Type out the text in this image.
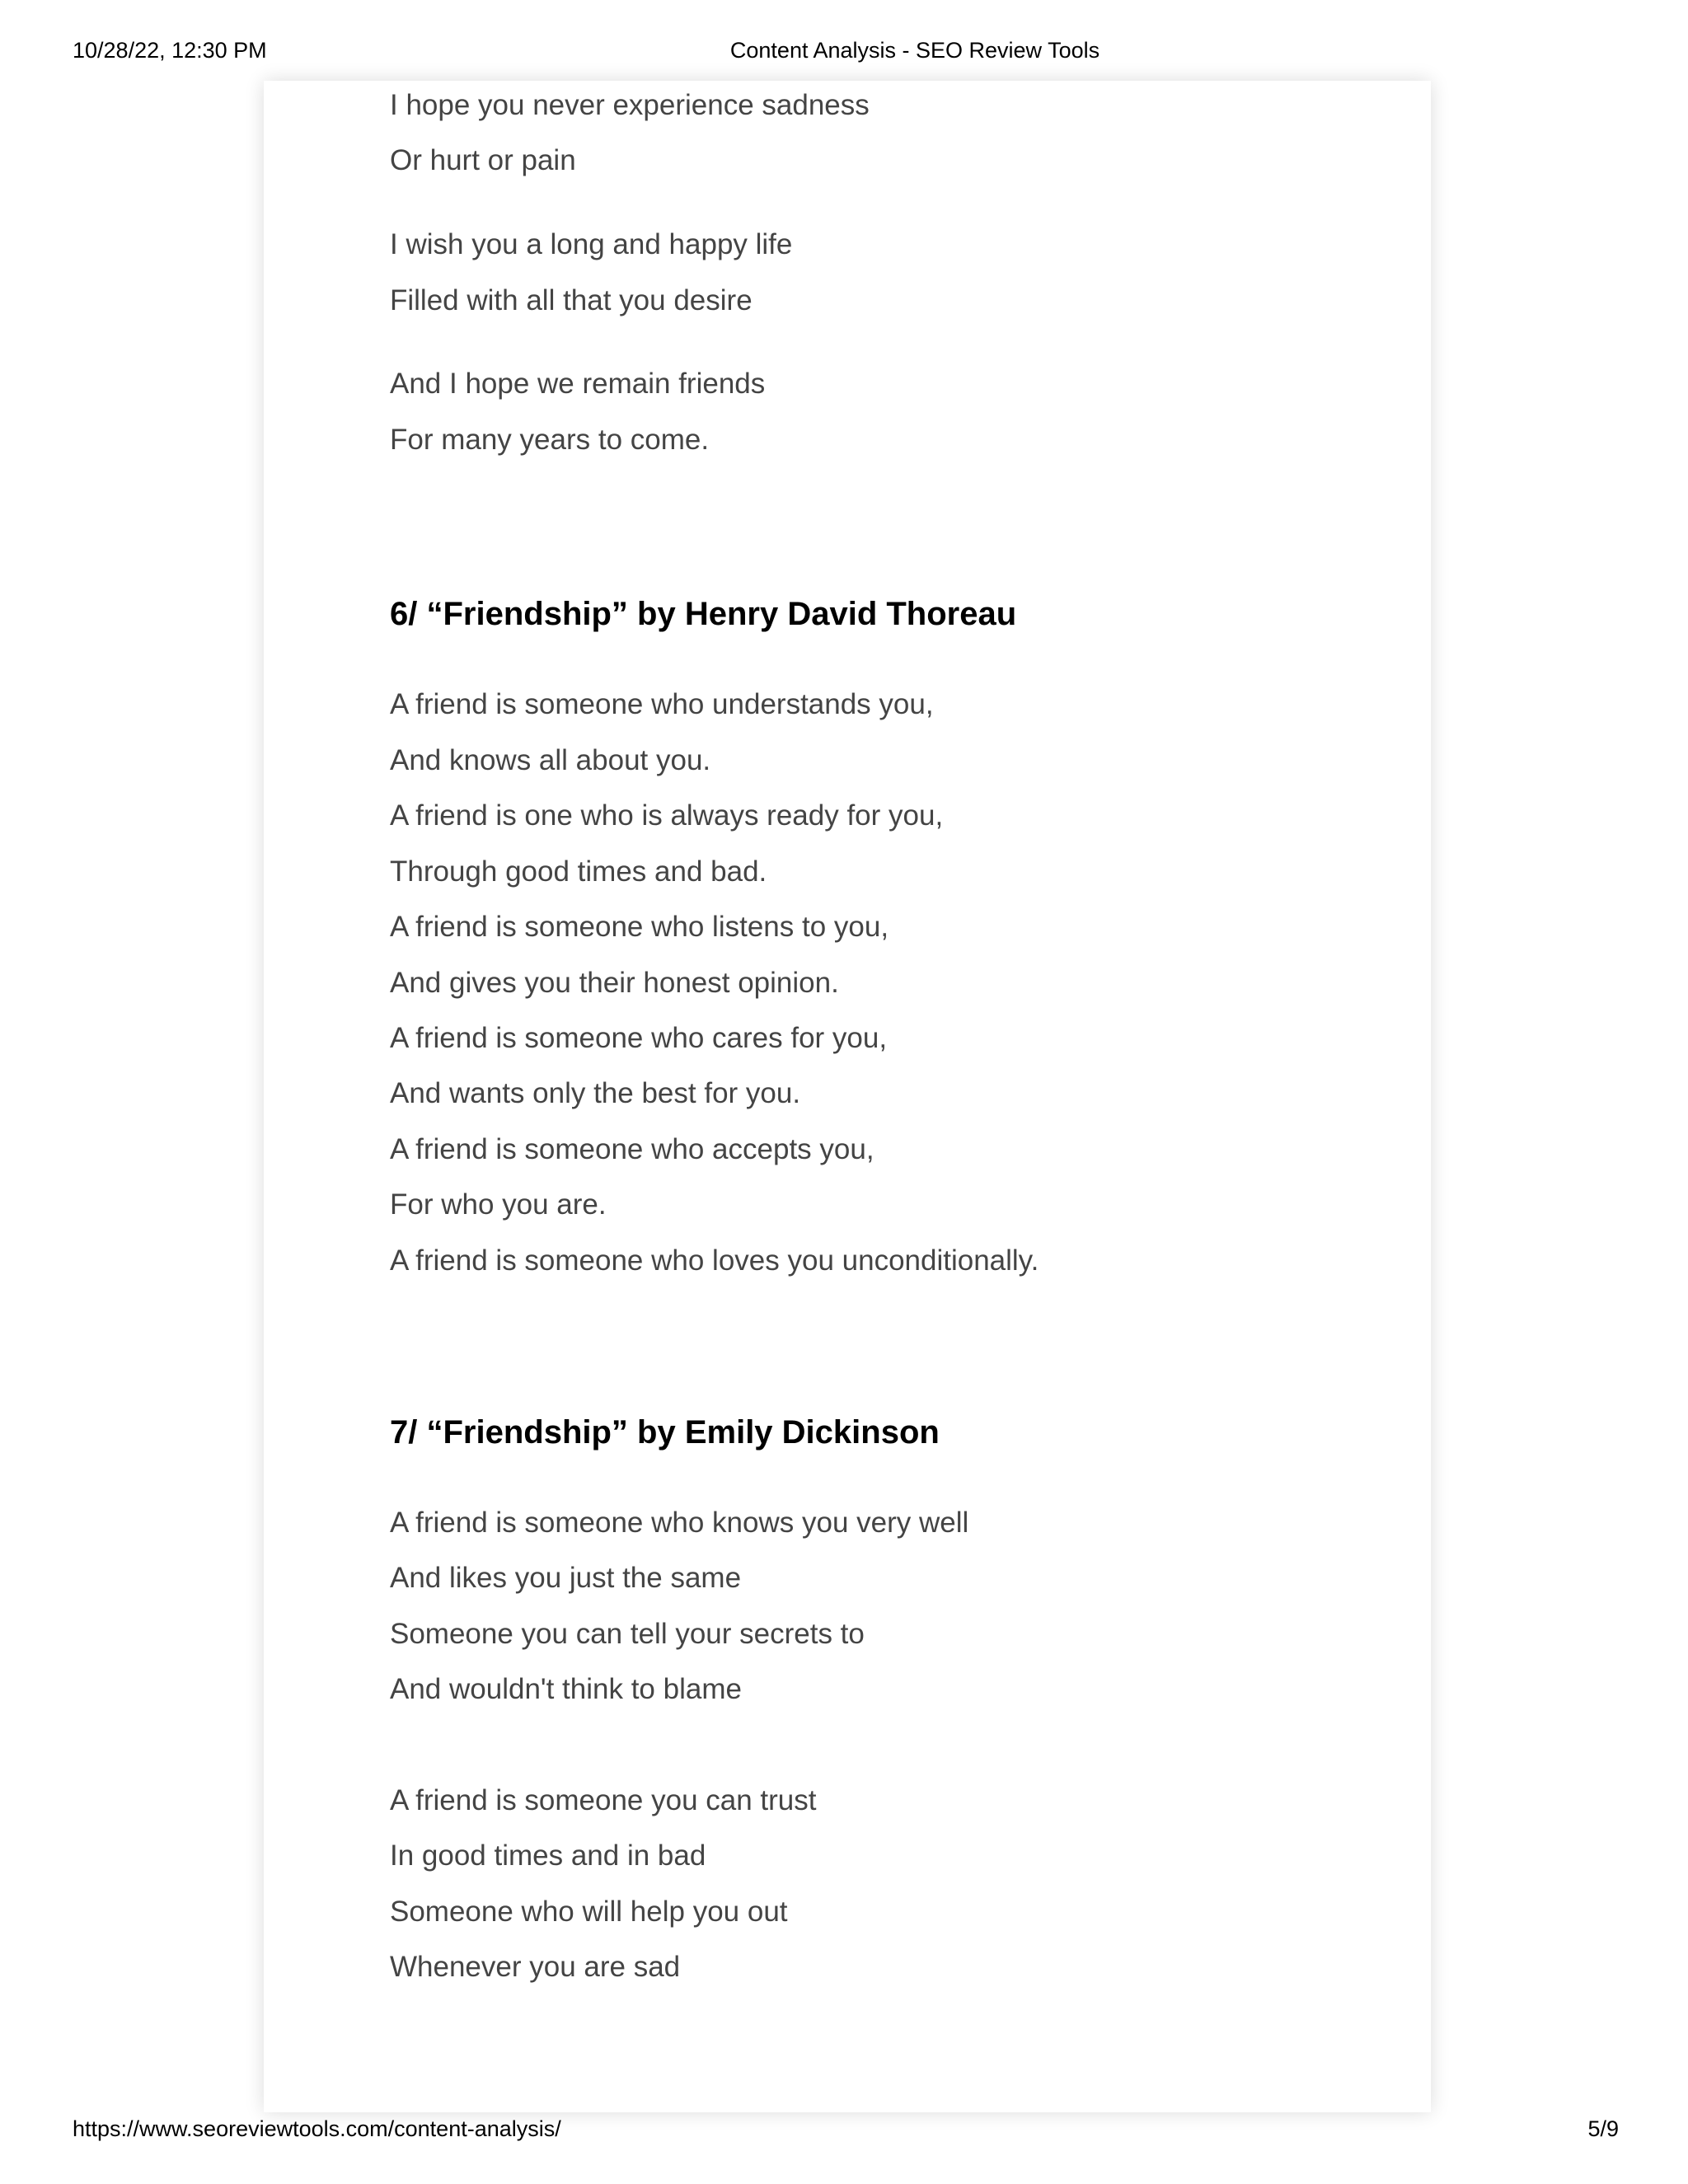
10/28/22, 12:30 PM	Content Analysis - SEO Review Tools
I hope you never experience sadness
Or hurt or pain
I wish you a long and happy life
Filled with all that you desire
And I hope we remain friends
For many years to come.
6/ “Friendship” by Henry David Thoreau
A friend is someone who understands you,
And knows all about you.
A friend is one who is always ready for you,
Through good times and bad.
A friend is someone who listens to you,
And gives you their honest opinion.
A friend is someone who cares for you,
And wants only the best for you.
A friend is someone who accepts you,
For who you are.
A friend is someone who loves you unconditionally.
7/ “Friendship” by Emily Dickinson
A friend is someone who knows you very well
And likes you just the same
Someone you can tell your secrets to
And wouldn't think to blame
A friend is someone you can trust
In good times and in bad
Someone who will help you out
Whenever you are sad
https://www.seoreviewtools.com/content-analysis/	5/9
